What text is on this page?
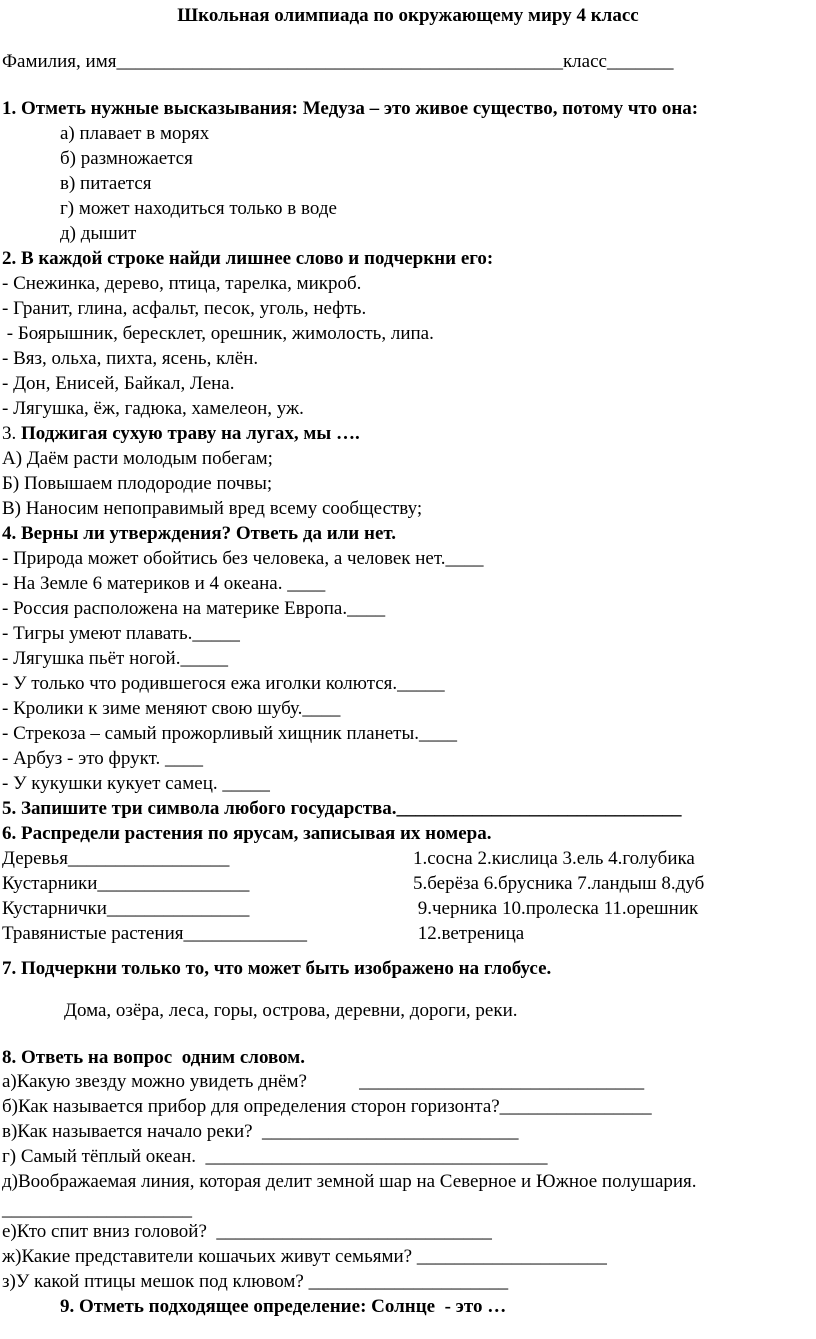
Школьная олимпиада по окружающему миру 4 класс
Фамилия, имя_______________________________________________класс_______
1. Отметь нужные высказывания: Медуза – это живое существо, потому что она:
а) плавает в морях
б) размножается
в) питается
г) может находиться только в воде
д) дышит
2. В каждой строке найди лишнее слово и подчеркни его:
- Снежинка, дерево, птица, тарелка, микроб.
- Гранит, глина, асфальт, песок, уголь, нефть.
- Боярышник, бересклет, орешник, жимолость, липа.
- Вяз, ольха, пихта, ясень, клён.
- Дон, Енисей, Байкал, Лена.
- Лягушка, ёж, гадюка, хамелеон, уж.
3. Поджигая сухую траву на лугах, мы ….
А) Даём расти молодым побегам;
Б) Повышаем плодородие почвы;
В) Наносим непоправимый вред всему сообществу;
4. Верны ли утверждения? Ответь да или нет.
- Природа может обойтись без человека, а человек нет.____
- На Земле 6 материков и 4 океана. ____
- Россия расположена на материке Европа.____
- Тигры умеют плавать._____
- Лягушка пьёт ногой._____
- У только что родившегося ежа иголки колются._____
- Кролики к зиме меняют свою шубу.____
- Стрекоза – самый прожорливый хищник планеты.____
- Арбуз - это фрукт. ____
- У кукушки кукует самец. _____
5. Запишите три символа любого государства.______________________________
6. Распредели растения по ярусам, записывая их номера.
Деревья_________________
Кустарники________________
Кустарнички_______________
Травянистые растения_____________
1.сосна 2.кислица 3.ель 4.голубика
5.берёза 6.брусника 7.ландыш 8.дуб
9.черника 10.пролеска 11.орешник
12.ветреница
7. Подчеркни только то, что может быть изображено на глобусе.
Дома, озёра, леса, горы, острова, деревни, дороги, реки.
8. Ответь на вопрос  одним словом.
а)Какую звезду можно увидеть днём?           ______________________________
б)Как называется прибор для определения сторон горизонта?________________
в)Как называется начало реки?  ___________________________
г) Самый тёплый океан.  ____________________________________
д)Воображаемая линия, которая делит земной шар на Северное и Южное полушария.
____________________
е)Кто спит вниз головой?  _____________________________
ж)Какие представители кошачьих живут семьями? ____________________
з)У какой птицы мешок под клювом? _____________________
9. Отметь подходящее определение: Солнце  - это …
